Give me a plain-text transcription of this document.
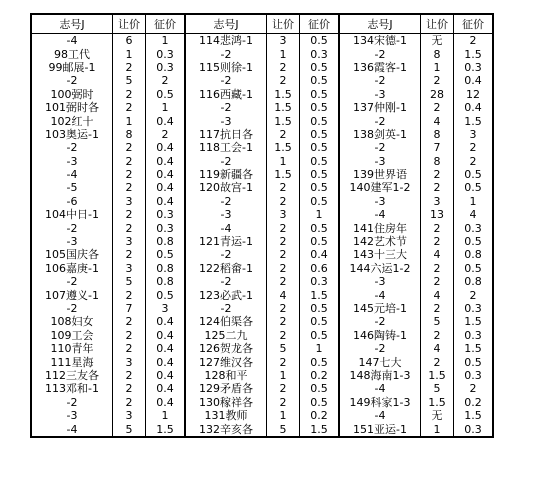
志号J	让价	征价	志号J	让价	征价	志号J	让价	征价
-4	6	1	114悲鸿-1	3	0.5	134宋德-1	无	2
98工代	1	0.3	-2	1	0.3	-2	8	1.5
99邮展-1	2	0.3	115则徐-1	2	0.5	136霞客-1	1	0.3
-2	5	2	-2	2	0.5	-2	2	0.4
100弼时	2	0.5	116西藏-1	1.5	0.5	-3	28	12
101弼时各	2	1	-2	1.5	0.5	137仲刚-1	2	0.4
102红十	1	0.4	-3	1.5	0.5	-2	4	1.5
103奥运-1	8	2	117抗日各	2	0.5	138剑英-1	8	3
-2	2	0.4	118工会-1	1.5	0.5	-2	7	2
-3	2	0.4	-2	1	0.5	-3	8	2
-4	2	0.4	119新疆各	1.5	0.5	139世界语	2	0.5
-5	2	0.4	120故宫-1	2	0.5	140建军1-2	2	0.5
-6	3	0.4	-2	2	0.5	-3	3	1
104中日-1	2	0.3	-3	3	1	-4	13	4
-2	2	0.3	-4	2	0.5	141住房年	2	0.3
-3	3	0.8	121青运-1	2	0.5	142艺术节	2	0.5
105国庆各	2	0.5	-2	2	0.4	143十三大	4	0.8
106嘉庚-1	3	0.8	122稻畲-1	2	0.6	144六运1-2	2	0.5
-2	5	0.8	-2	2	0.3	-3	2	0.8
107遵义-1	2	0.5	123必武-1	4	1.5	-4	4	2
-2	7	3	-2	2	0.5	145元培-1	2	0.3
108妇女	2	0.4	124伯渠各	2	0.5	-2	5	1.5
109工会	2	0.4	125二九	2	0.5	146陶铸-1	2	0.3
110青年	2	0.4	126贺龙各	5	1	-2	4	1.5
111星海	3	0.4	127维汉各	2	0.5	147七大	2	0.5
112三友各	2	0.4	128和平	1	0.2	148海南1-3	1.5	0.3
113邓和-1	2	0.4	129矛盾各	2	0.5	-4	5	2
-2	2	0.4	130稼祥各	2	0.5	149科家1-3	1.5	0.2
-3	3	1	131教师	1	0.2	-4	无	1.5
-4	5	1.5	132辛亥各	5	1.5	151亚运-1	1	0.3
